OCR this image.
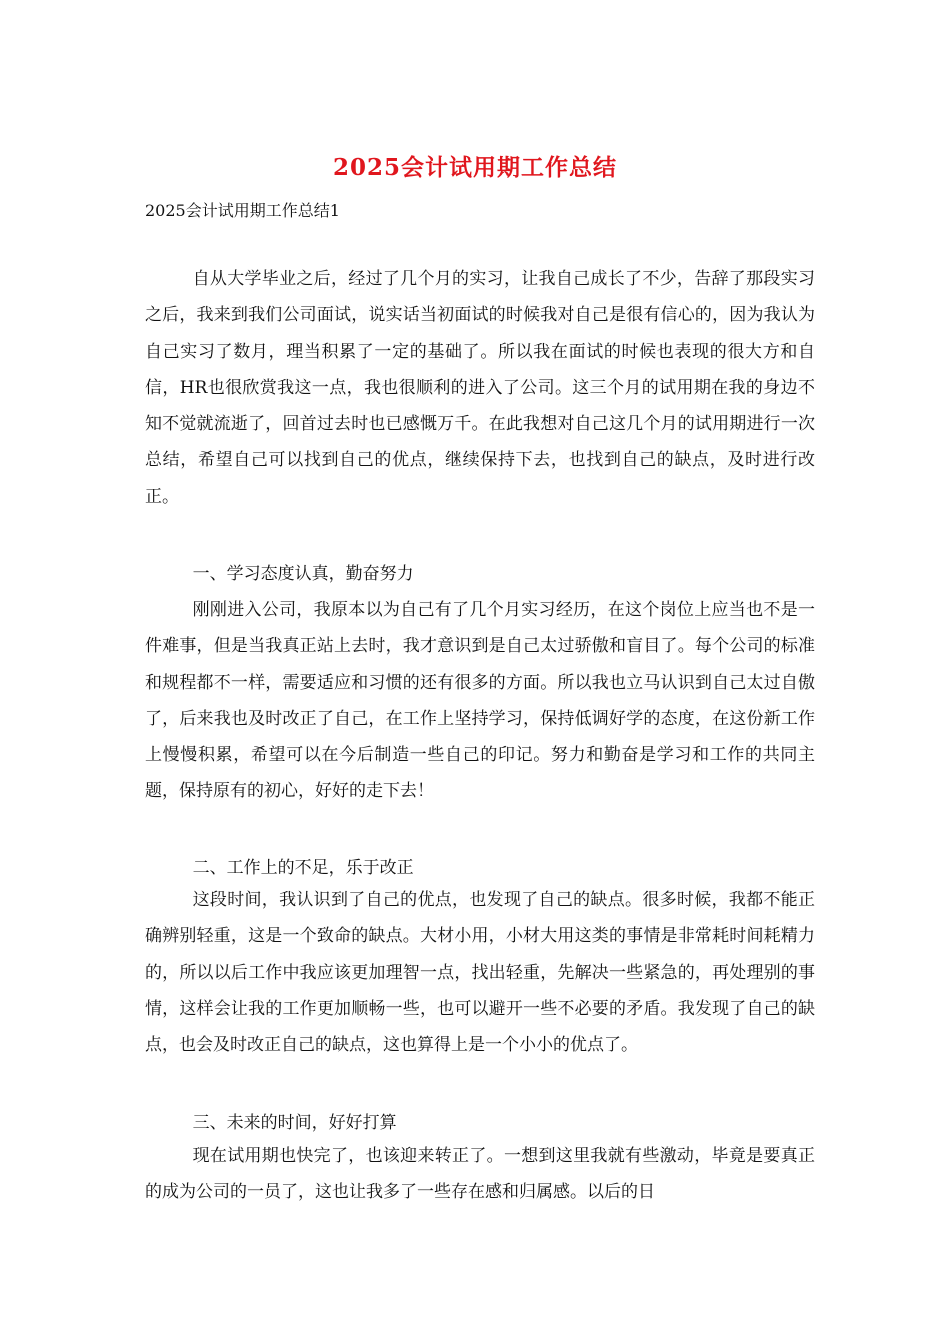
2025会计试用期工作总结
2025会计试用期工作总结1

自从大学毕业之后，经过了几个月的实习，让我自己成长了不少，告辞了那段实习之后，我来到我们公司面试，说实话当初面试的时候我对自己是很有信心的，因为我认为自己实习了数月，理当积累了一定的基础了。所以我在面试的时候也表现的很大方和自信，HR也很欣赏我这一点，我也很顺利的进入了公司。这三个月的试用期在我的身边不知不觉就流逝了，回首过去时也已感慨万千。在此我想对自己这几个月的试用期进行一次总结，希望自己可以找到自己的优点，继续保持下去，也找到自己的缺点，及时进行改正。

一、学习态度认真，勤奋努力

刚刚进入公司，我原本以为自己有了几个月实习经历，在这个岗位上应当也不是一件难事，但是当我真正站上去时，我才意识到是自己太过骄傲和盲目了。每个公司的标准和规程都不一样，需要适应和习惯的还有很多的方面。所以我也立马认识到自己太过自傲了，后来我也及时改正了自己，在工作上坚持学习，保持低调好学的态度，在这份新工作上慢慢积累，希望可以在今后制造一些自己的印记。努力和勤奋是学习和工作的共同主题，保持原有的初心，好好的走下去！

二、工作上的不足，乐于改正

这段时间，我认识到了自己的优点，也发现了自己的缺点。很多时候，我都不能正确辨别轻重，这是一个致命的缺点。大材小用，小材大用这类的事情是非常耗时间耗精力的，所以以后工作中我应该更加理智一点，找出轻重，先解决一些紧急的，再处理别的事情，这样会让我的工作更加顺畅一些，也可以避开一些不必要的矛盾。我发现了自己的缺点，也会及时改正自己的缺点，这也算得上是一个小小的优点了。

三、未来的时间，好好打算

现在试用期也快完了，也该迎来转正了。一想到这里我就有些激动，毕竟是要真正的成为公司的一员了，这也让我多了一些存在感和归属感。以后的日
